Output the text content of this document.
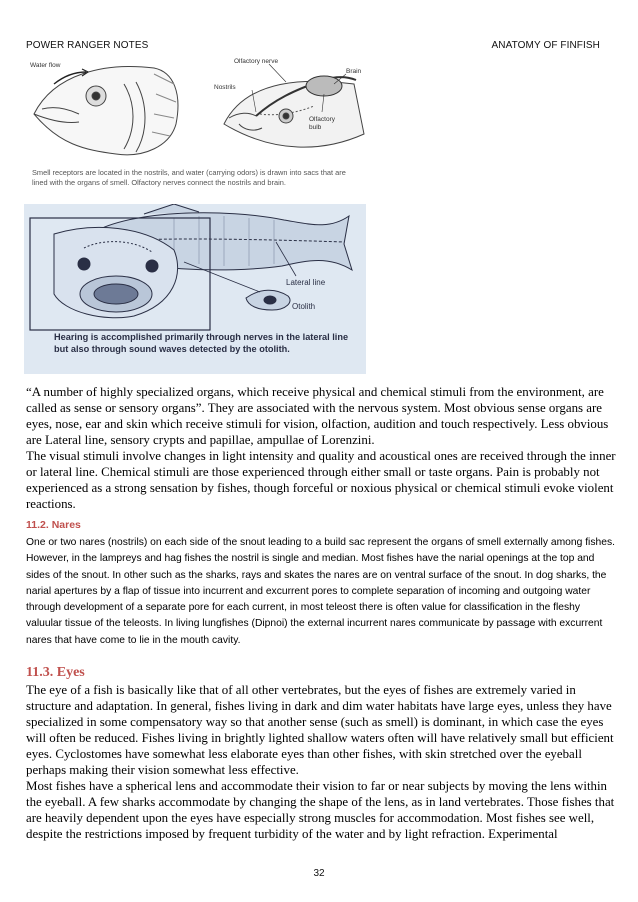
POWER RANGER NOTES	ANATOMY OF FINFISH
Water flow
Olfactory nerve
Brain
Nostrils
Olfactory bulb
Smell receptors are located in the nostrils, and water (carrying odors) is drawn into sacs that are lined with the organs of smell. Olfactory nerves connect the nostrils and brain.
Lateral line
Otolith
Hearing is accomplished primarily through nerves in the lateral line but also through sound waves detected by the otolith.

“A number of highly specialized organs, which receive physical and chemical stimuli from the environment, are called as sense or sensory organs”. They are associated with the nervous system. Most obvious sense organs are eyes, nose, ear and skin which receive stimuli for vision, olfaction, audition and touch respectively. Less obvious are Lateral line, sensory crypts and papillae, ampullae of Lorenzini.

The visual stimuli involve changes in light intensity and quality and acoustical ones are received through the inner or lateral line. Chemical stimuli are those experienced through either small or taste organs. Pain is probably not experienced as a strong sensation by fishes, though forceful or noxious physical or chemical stimuli evoke violent reactions.

11.2. Nares
One or two nares (nostrils) on each side of the snout leading to a build sac represent the organs of smell externally among fishes. However, in the lampreys and hag fishes the nostril is single and median. Most fishes have the narial openings at the top and sides of the snout. In other such as the sharks, rays and skates the nares are on ventral surface of the snout. In dog sharks, the narial apertures by a flap of tissue into incurrent and excurrent pores to complete separation of incoming and outgoing water through development of a separate pore for each current, in most teleost there is often value for classification in the fleshy valuular tissue of the teleosts. In living lungfishes (Dipnoi) the external incurrent nares communicate by passage with excurrent nares that have come to lie in the mouth cavity.
11.3. Eyes

The eye of a fish is basically like that of all other vertebrates, but the eyes of fishes are extremely varied in structure and adaptation. In general, fishes living in dark and dim water habitats have large eyes, unless they have specialized in some compensatory way so that another sense (such as smell) is dominant, in which case the eyes will often be reduced. Fishes living in brightly lighted shallow waters often will have relatively small but efficient eyes. Cyclostomes have somewhat less elaborate eyes than other fishes, with skin stretched over the eyeball perhaps making their vision somewhat less effective.

Most fishes have a spherical lens and accommodate their vision to far or near subjects by moving the lens within the eyeball. A few sharks accommodate by changing the shape of the lens, as in land vertebrates. Those fishes that are heavily dependent upon the eyes have especially strong muscles for accommodation. Most fishes see well, despite the restrictions imposed by frequent turbidity of the water and by light refraction. Experimental

32
